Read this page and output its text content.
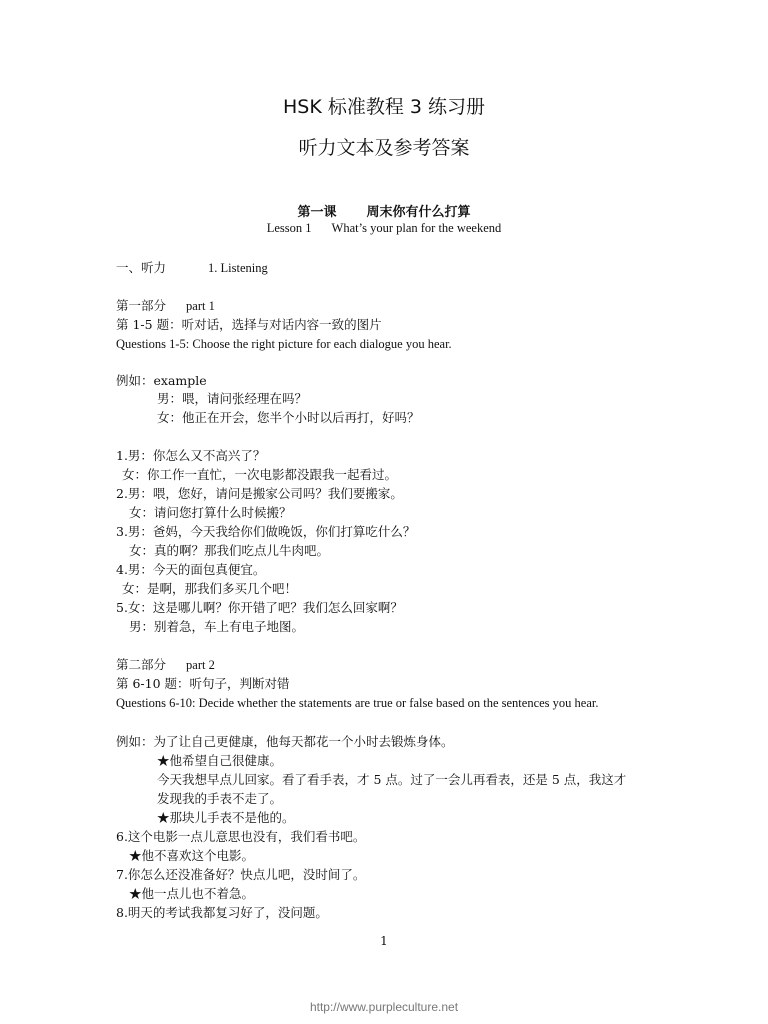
HSK 标准教程 3 练习册
听力文本及参考答案
第一课 周末你有什么打算
Lesson 1 What’s your plan for the weekend
一、听力	1. Listening
第一部分 part 1
第 1-5 题：听对话，选择与对话内容一致的图片
Questions 1-5: Choose the right picture for each dialogue you hear.
例如：example
男：喂，请问张经理在吗？
女：他正在开会，您半个小时以后再打，好吗？
1.男：你怎么又不高兴了？
女：你工作一直忙，一次电影都没跟我一起看过。
2.男：喂，您好，请问是搬家公司吗？我们要搬家。
女：请问您打算什么时候搬？
3.男：爸妈，今天我给你们做晚饭，你们打算吃什么？
女：真的啊？那我们吃点儿牛肉吧。
4.男：今天的面包真便宜。
女：是啊，那我们多买几个吧！
5.女：这是哪儿啊？你开错了吧？我们怎么回家啊？
男：别着急，车上有电子地图。
第二部分 part 2
第 6-10 题：听句子，判断对错
Questions 6-10: Decide whether the statements are true or false based on the sentences you hear.
例如：为了让自己更健康，他每天都花一个小时去锻炼身体。
★他希望自己很健康。
今天我想早点儿回家。看了看手表，才 5 点。过了一会儿再看表，还是 5 点，我这才
发现我的手表不走了。
★那块儿手表不是他的。
6.这个电影一点儿意思也没有，我们看书吧。
★他不喜欢这个电影。
7.你怎么还没准备好？快点儿吧，没时间了。
★他一点儿也不着急。
8.明天的考试我都复习好了，没问题。
1
http://www.purpleculture.net
